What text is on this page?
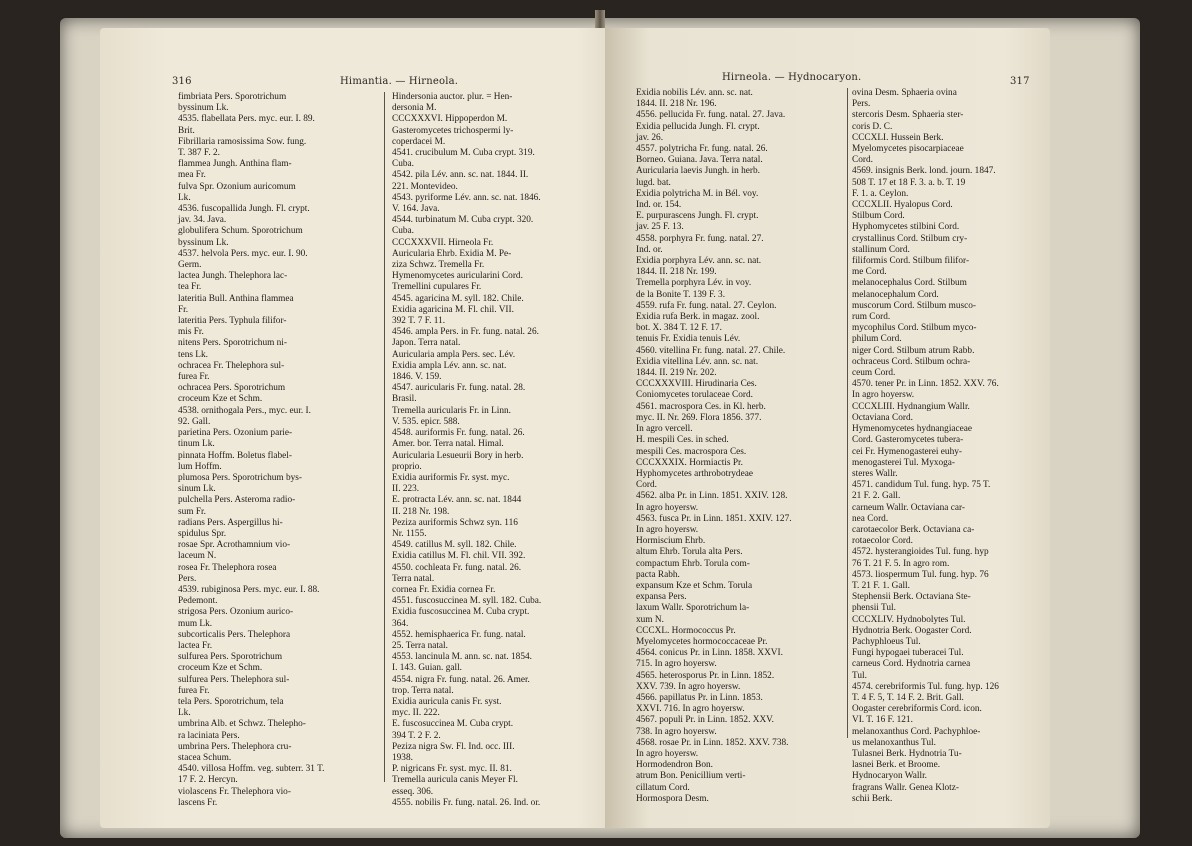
316	Himantia. — Hirneola.	317
Hirneola. — Hydnocaryon.

fimbriata Pers. Sporotrichum

byssinum Lk.

4535. flabellata Pers. myc. eur. I. 89.

Brit.

Fibrillaria ramosissima Sow. fung.

T. 387 F. 2.

flammea Jungh. Anthina flam-

mea Fr.

fulva Spr. Ozonium auricomum

Lk.

4536. fuscopallida Jungh. Fl. crypt.

jav. 34. Java.

globulifera Schum. Sporotrichum

byssinum Lk.

4537. helvola Pers. myc. eur. I. 90.

Germ.

lactea Jungh. Thelephora lac-

tea Fr.

lateritia Bull. Anthina flammea

Fr.

lateritia Pers. Typhula filifor-

mis Fr.

nitens Pers. Sporotrichum ni-

tens Lk.

ochracea Fr. Thelephora sul-

furea Fr.

ochracea Pers. Sporotrichum

croceum Kze et Schm.

4538. ornithogala Pers., myc. eur. I.

92. Gall.

parietina Pers. Ozonium parie-

tinum Lk.

pinnata Hoffm. Boletus flabel-

lum Hoffm.

plumosa Pers. Sporotrichum bys-

sinum Lk.

pulchella Pers. Asteroma radio-

sum Fr.

radians Pers. Aspergillus hi-

spidulus Spr.

rosae Spr. Acrothamnium vio-

laceum N.

rosea Fr. Thelephora rosea

Pers.

4539. rubiginosa Pers. myc. eur. I. 88.

Pedemont.

strigosa Pers. Ozonium aurico-

mum Lk.

subcorticalis Pers. Thelephora

lactea Fr.

sulfurea Pers. Sporotrichum

croceum Kze et Schm.

sulfurea Pers. Thelephora sul-

furea Fr.

tela Pers. Sporotrichum, tela

Lk.

umbrina Alb. et Schwz. Thelepho-

ra laciniata Pers.

umbrina Pers. Thelephora cru-

stacea Schum.

4540. villosa Hoffm. veg. subterr. 31 T.

17 F. 2. Hercyn.

violascens Fr. Thelephora vio-

lascens Fr.

Hindersonia auctor. plur. = Hen-

dersonia M.

CCCXXXVI. Hippoperdon M.

Gasteromycetes trichospermi ly-

coperdacei M.

4541. crucibulum M. Cuba crypt. 319.

Cuba.

4542. pila Lév. ann. sc. nat. 1844. II.

221. Montevideo.

4543. pyriforme Lév. ann. sc. nat. 1846.

V. 164. Java.

4544. turbinatum M. Cuba crypt. 320.

Cuba.

CCCXXXVII. Hirneola Fr.

Auricularia Ehrb. Exidia M. Pe-

ziza Schwz. Tremella Fr.

Hymenomycetes auricularini Cord.

Tremellini cupulares Fr.

4545. agaricina M. syll. 182. Chile.

Exidia agaricina M. Fl. chil. VII.

392 T. 7 F. 11.

4546. ampla Pers. in Fr. fung. natal. 26.

Japon. Terra natal.

Auricularia ampla Pers. sec. Lév.

Exidia ampla Lév. ann. sc. nat.

1846. V. 159.

4547. auricularis Fr. fung. natal. 28.

Brasil.

Tremella auricularis Fr. in Linn.

V. 535. epicr. 588.

4548. auriformis Fr. fung. natal. 26.

Amer. bor. Terra natal. Himal.

Auricularia Lesueurii Bory in herb.

proprio.

Exidia auriformis Fr. syst. myc.

II. 223.

E. protracta Lév. ann. sc. nat. 1844

II. 218 Nr. 198.

Peziza auriformis Schwz syn. 116

Nr. 1155.

4549. catillus M. syll. 182. Chile.

Exidia catillus M. Fl. chil. VII. 392.

4550. cochleata Fr. fung. natal. 26.

Terra natal.

cornea Fr. Exidia cornea Fr.

4551. fuscosuccinea M. syll. 182. Cuba.

Exidia fuscosuccinea M. Cuba crypt.

364.

4552. hemisphaerica Fr. fung. natal.

25. Terra natal.

4553. lancinula M. ann. sc. nat. 1854.

I. 143. Guian. gall.

4554. nigra Fr. fung. natal. 26. Amer.

trop. Terra natal.

Exidia auricula canis Fr. syst.

myc. II. 222.

E. fuscosuccinea M. Cuba crypt.

394 T. 2 F. 2.

Peziza nigra Sw. Fl. Ind. occ. III.

1938.

P. nigricans Fr. syst. myc. II. 81.

Tremella auricula canis Meyer Fl.

esseq. 306.

4555. nobilis Fr. fung. natal. 26. Ind. or.

Exidia nobilis Lév. ann. sc. nat.

1844. II. 218 Nr. 196.

4556. pellucida Fr. fung. natal. 27. Java.

Exidia pellucida Jungh. Fl. crypt.

jav. 26.

4557. polytricha Fr. fung. natal. 26.

Borneo. Guiana. Java. Terra natal.

Auricularia laevis Jungh. in herb.

lugd. bat.

Exidia polytricha M. in Bél. voy.

Ind. or. 154.

E. purpurascens Jungh. Fl. crypt.

jav. 25 F. 13.

4558. porphyra Fr. fung. natal. 27.

Ind. or.

Exidia porphyra Lév. ann. sc. nat.

1844. II. 218 Nr. 199.

Tremella porphyra Lév. in voy.

de la Bonite T. 139 F. 3.

4559. rufa Fr. fung. natal. 27. Ceylon.

Exidia rufa Berk. in magaz. zool.

bot. X. 384 T. 12 F. 17.

tenuis Fr. Exidia tenuis Lév.

4560. vitellina Fr. fung. natal. 27. Chile.

Exidia vitellina Lév. ann. sc. nat.

1844. II. 219 Nr. 202.

CCCXXXVIII. Hirudinaria Ces.

Coniomycetes torulaceae Cord.

4561. macrospora Ces. in Kl. herb.

myc. II. Nr. 269. Flora 1856. 377.

In agro vercell.

H. mespili Ces. in sched.

mespili Ces. macrospora Ces.

CCCXXXIX. Hormiactis Pr.

Hyphomycetes arthrobotrydeae

Cord.

4562. alba Pr. in Linn. 1851. XXIV. 128.

In agro hoyersw.

4563. fusca Pr. in Linn. 1851. XXIV. 127.

In agro hoyersw.

Hormiscium Ehrb.

altum Ehrb. Torula alta Pers.

compactum Ehrb. Torula com-

pacta Rabh.

expansum Kze et Schm. Torula

expansa Pers.

laxum Wallr. Sporotrichum la-

xum N.

CCCXL. Hormococcus Pr.

Myelomycetes hormococcaceae Pr.

4564. conicus Pr. in Linn. 1858. XXVI.

715. In agro hoyersw.

4565. heterosporus Pr. in Linn. 1852.

XXV. 739. In agro hoyersw.

4566. papillatus Pr. in Linn. 1853.

XXVI. 716. In agro hoyersw.

4567. populi Pr. in Linn. 1852. XXV.

738. In agro hoyersw.

4568. rosae Pr. in Linn. 1852. XXV. 738.

In agro hoyersw.

Hormodendron Bon.

atrum Bon. Penicillium verti-

cillatum Cord.

Hormospora Desm.

ovina Desm. Sphaeria ovina

Pers.

stercoris Desm. Sphaeria ster-

coris D. C.

CCCXLI. Hussein Berk.

Myelomycetes pisocarpiaceae

Cord.

4569. insignis Berk. lond. journ. 1847.

508 T. 17 et 18 F. 3. a. b. T. 19

F. 1. a. Ceylon.

CCCXLII. Hyalopus Cord.

Stilbum Cord.

Hyphomycetes stilbini Cord.

crystallinus Cord. Stilbum cry-

stallinum Cord.

filiformis Cord. Stilbum filifor-

me Cord.

melanocephalus Cord. Stilbum

melanocephalum Cord.

muscorum Cord. Stilbum musco-

rum Cord.

mycophilus Cord. Stilbum myco-

philum Cord.

niger Cord. Stilbum atrum Rabb.

ochraceus Cord. Stilbum ochra-

ceum Cord.

4570. tener Pr. in Linn. 1852. XXV. 76.

In agro hoyersw.

CCCXLIII. Hydnangium Wallr.

Octaviana Cord.

Hymenomycetes hydnangiaceae

Cord. Gasteromycetes tubera-

cei Fr. Hymenogasterei euhy-

menogasterei Tul. Myxoga-

steres Wallr.

4571. candidum Tul. fung. hyp. 75 T.

21 F. 2. Gall.

carneum Wallr. Octaviana car-

nea Cord.

carotaecolor Berk. Octaviana ca-

rotaecolor Cord.

4572. hysterangioides Tul. fung. hyp

76 T. 21 F. 5. In agro rom.

4573. liospermum Tul. fung. hyp. 76

T. 21 F. 1. Gall.

Stephensii Berk. Octaviana Ste-

phensii Tul.

CCCXLIV. Hydnobolytes Tul.

Hydnotria Berk. Oogaster Cord.

Pachyphloeus Tul.

Fungi hypogaei tuberacei Tul.

carneus Cord. Hydnotria carnea

Tul.

4574. cerebriformis Tul. fung. hyp. 126

T. 4 F. 5, T. 14 F. 2. Brit. Gall.

Oogaster cerebriformis Cord. icon.

VI. T. 16 F. 121.

melanoxanthus Cord. Pachyphloe-

us melanoxanthus Tul.

Tulasnei Berk. Hydnotria Tu-

lasnei Berk. et Broome.

Hydnocaryon Wallr.

fragrans Wallr. Genea Klotz-

schii Berk.
